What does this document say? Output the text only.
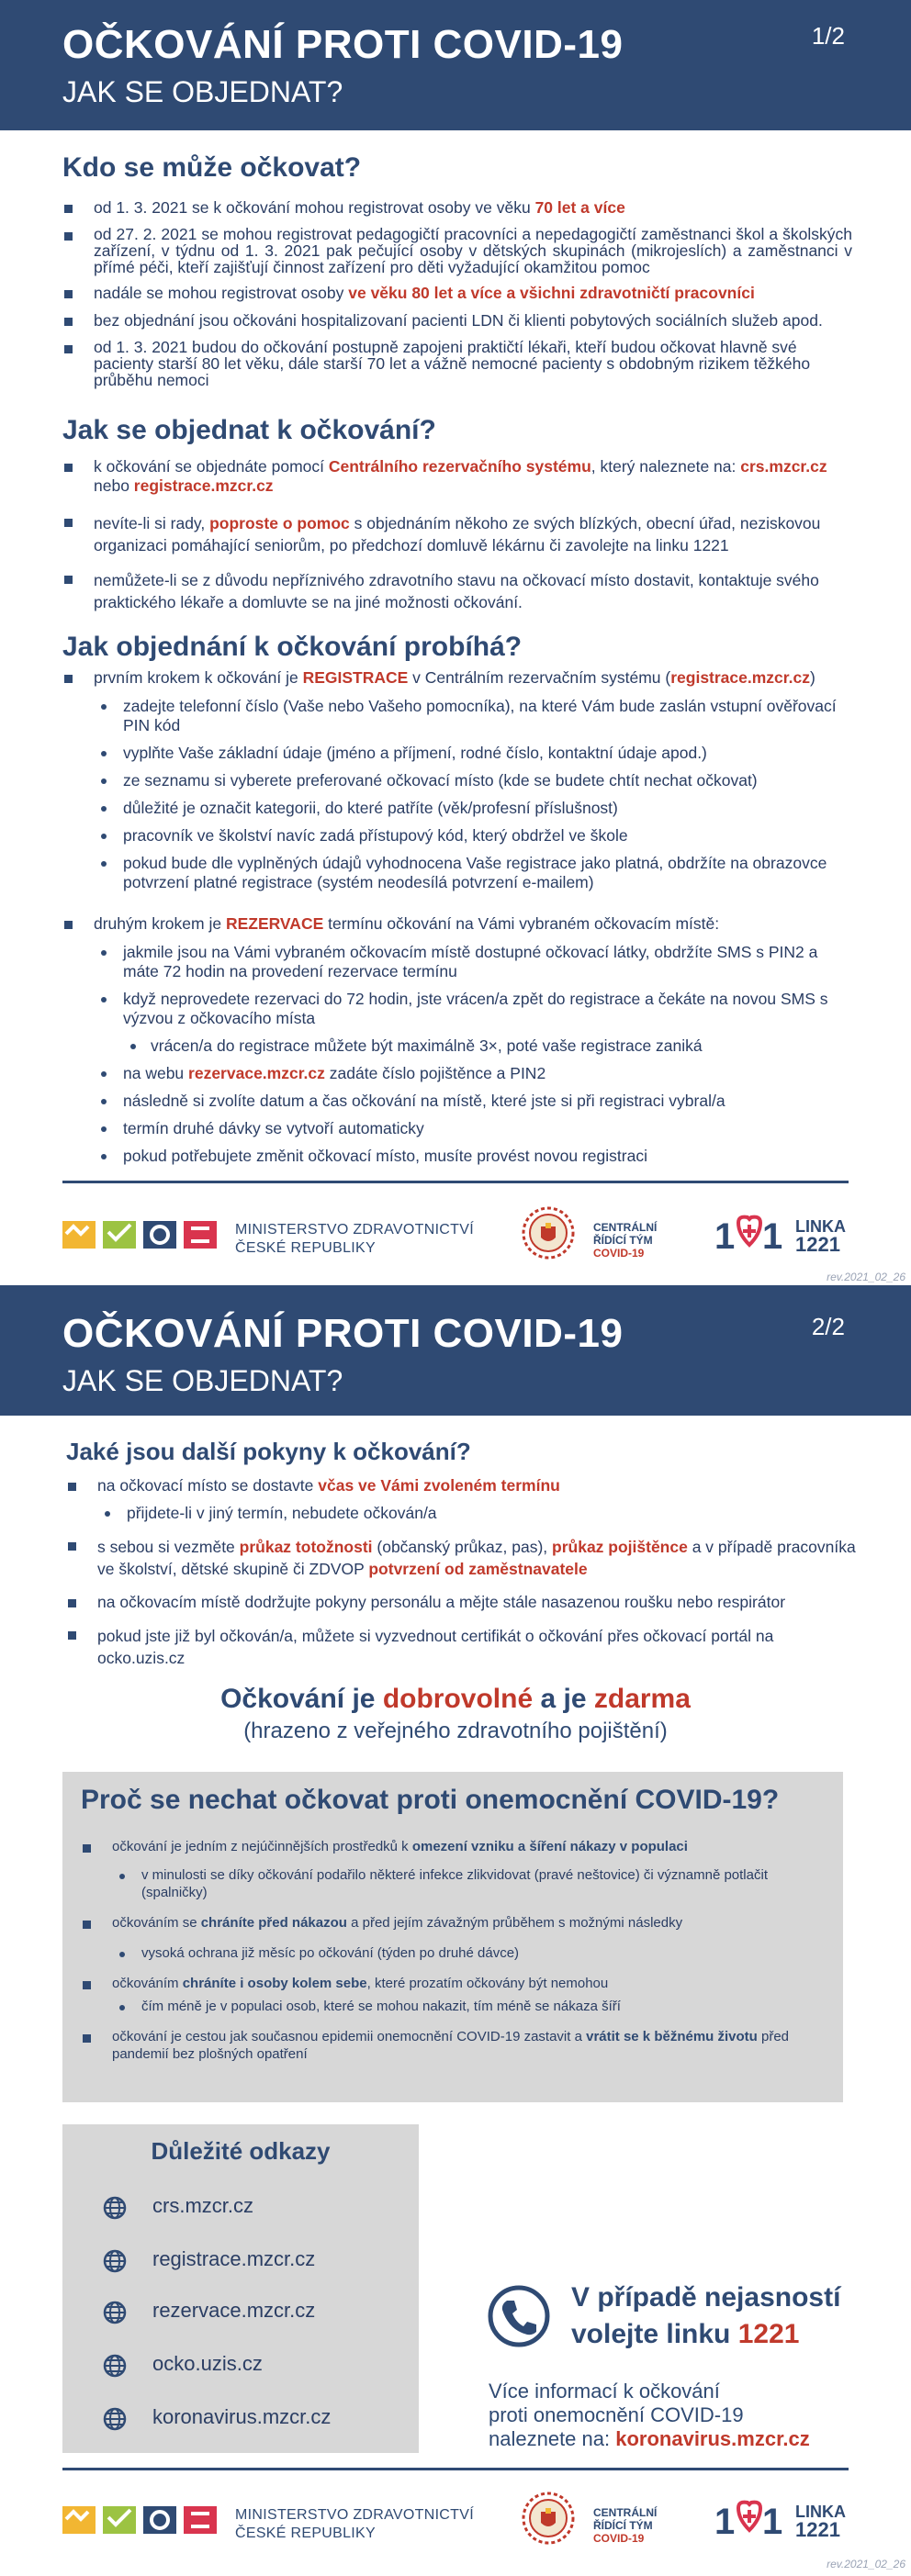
OČKOVÁNÍ PROTI COVID-19
JAK SE OBJEDNAT?
1/2
Kdo se může očkovat?
od 1. 3. 2021 se k očkování mohou registrovat osoby ve věku 70 let a více
od 27. 2. 2021 se mohou registrovat pedagogičtí pracovníci a nepedagogičtí zaměstnanci škol a školských zařízení, v týdnu od 1. 3. 2021 pak pečující osoby v dětských skupinách (mikrojeslích) a zaměstnanci v přímé péči, kteří zajišťují činnost zařízení pro děti vyžadující okamžitou pomoc
nadále se mohou registrovat osoby ve věku 80 let a více a všichni zdravotničtí pracovníci
bez objednání jsou očkováni hospitalizovaní pacienti LDN či klienti pobytových sociálních služeb apod.
od 1. 3. 2021 budou do očkování postupně zapojeni praktičtí lékaři, kteří budou očkovat hlavně své pacienty starší 80 let věku, dále starší 70 let a vážně nemocné pacienty s obdobným rizikem těžkého průběhu nemoci
Jak se objednat k očkování?
k očkování se objednáte pomocí Centrálního rezervačního systému, který naleznete na: crs.mzcr.cz
nebo registrace.mzcr.cz
nevíte-li si rady, poproste o pomoc s objednáním někoho ze svých blízkých, obecní úřad, neziskovou organizaci pomáhající seniorům, po předchozí domluvě lékárnu či zavolejte na linku 1221
nemůžete-li se z důvodu nepříznivého zdravotního stavu na očkovací místo dostavit, kontaktuje svého praktického lékaře a domluvte se na jiné možnosti očkování.
Jak objednání k očkování probíhá?
prvním krokem k očkování je REGISTRACE v Centrálním rezervačním systému (registrace.mzcr.cz)
zadejte telefonní číslo (Vaše nebo Vašeho pomocníka), na které Vám bude zaslán vstupní ověřovací PIN kód
vyplňte Vaše základní údaje (jméno a příjmení, rodné číslo, kontaktní údaje apod.)
ze seznamu si vyberete preferované očkovací místo (kde se budete chtít nechat očkovat)
důležité je označit kategorii, do které patříte (věk/profesní příslušnost)
pracovník ve školství navíc zadá přístupový kód, který obdržel ve škole
pokud bude dle vyplněných údajů vyhodnocena Vaše registrace jako platná, obdržíte na obrazovce potvrzení platné registrace (systém neodesílá potvrzení e-mailem)
druhým krokem je REZERVACE termínu očkování na Vámi vybraném očkovacím místě:
jakmile jsou na Vámi vybraném očkovacím místě dostupné očkovací látky, obdržíte SMS s PIN2 a máte 72 hodin na provedení rezervace termínu
když neprovedete rezervaci do 72 hodin, jste vrácen/a zpět do registrace a čekáte na novou SMS s výzvou z očkovacího místa
vrácen/a do registrace můžete být maximálně 3×, poté vaše registrace zaniká
na webu rezervace.mzcr.cz zadáte číslo pojištěnce a PIN2
následně si zvolíte datum a čas očkování na místě, které jste si při registraci vybral/a
termín druhé dávky se vytvoří automaticky
pokud potřebujete změnit očkovací místo, musíte provést novou registraci
MINISTERSTVO ZDRAVOTNICTVÍ
ČESKÉ REPUBLIKY
CENTRÁLNÍ
ŘÍDÍCÍ TÝM
COVID-19	1 1 LINKA
1221
rev.2021_02_26
OČKOVÁNÍ PROTI COVID-19
JAK SE OBJEDNAT?
2/2
Jaké jsou další pokyny k očkování?
na očkovací místo se dostavte včas ve Vámi zvoleném termínu
přijdete-li v jiný termín, nebudete očkován/a
s sebou si vezměte průkaz totožnosti (občanský průkaz, pas), průkaz pojištěnce a v případě pracovníka ve školství, dětské skupině či ZDVOP potvrzení od zaměstnavatele
na očkovacím místě dodržujte pokyny personálu a mějte stále nasazenou roušku nebo respirátor
pokud jste již byl očkován/a, můžete si vyzvednout certifikát o očkování přes očkovací portál na ocko.uzis.cz
Očkování je dobrovolné a je zdarma
(hrazeno z veřejného zdravotního pojištění)
Proč se nechat očkovat proti onemocnění COVID-19?
očkování je jedním z nejúčinnějších prostředků k omezení vzniku a šíření nákazy v populaci
v minulosti se díky očkování podařilo některé infekce zlikvidovat (pravé neštovice) či významně potlačit (spalničky)
očkováním se chráníte před nákazou a před jejím závažným průběhem s možnými následky
vysoká ochrana již měsíc po očkování (týden po druhé dávce)
očkováním chráníte i osoby kolem sebe, které prozatím očkovány být nemohou
čím méně je v populaci osob, které se mohou nakazit, tím méně se nákaza šíří
očkování je cestou jak současnou epidemii onemocnění COVID-19 zastavit a vrátit se k běžnému životu před pandemií bez plošných opatření
Důležité odkazy
crs.mzcr.cz
registrace.mzcr.cz
rezervace.mzcr.cz
ocko.uzis.cz
koronavirus.mzcr.cz
V případě nejasností
volejte linku 1221
Více informací k očkování
proti onemocnění COVID-19
naleznete na: koronavirus.mzcr.cz
MINISTERSTVO ZDRAVOTNICTVÍ
ČESKÉ REPUBLIKY
CENTRÁLNÍ
ŘÍDÍCÍ TÝM
COVID-19	1 1 LINKA
1221
rev.2021_02_26
